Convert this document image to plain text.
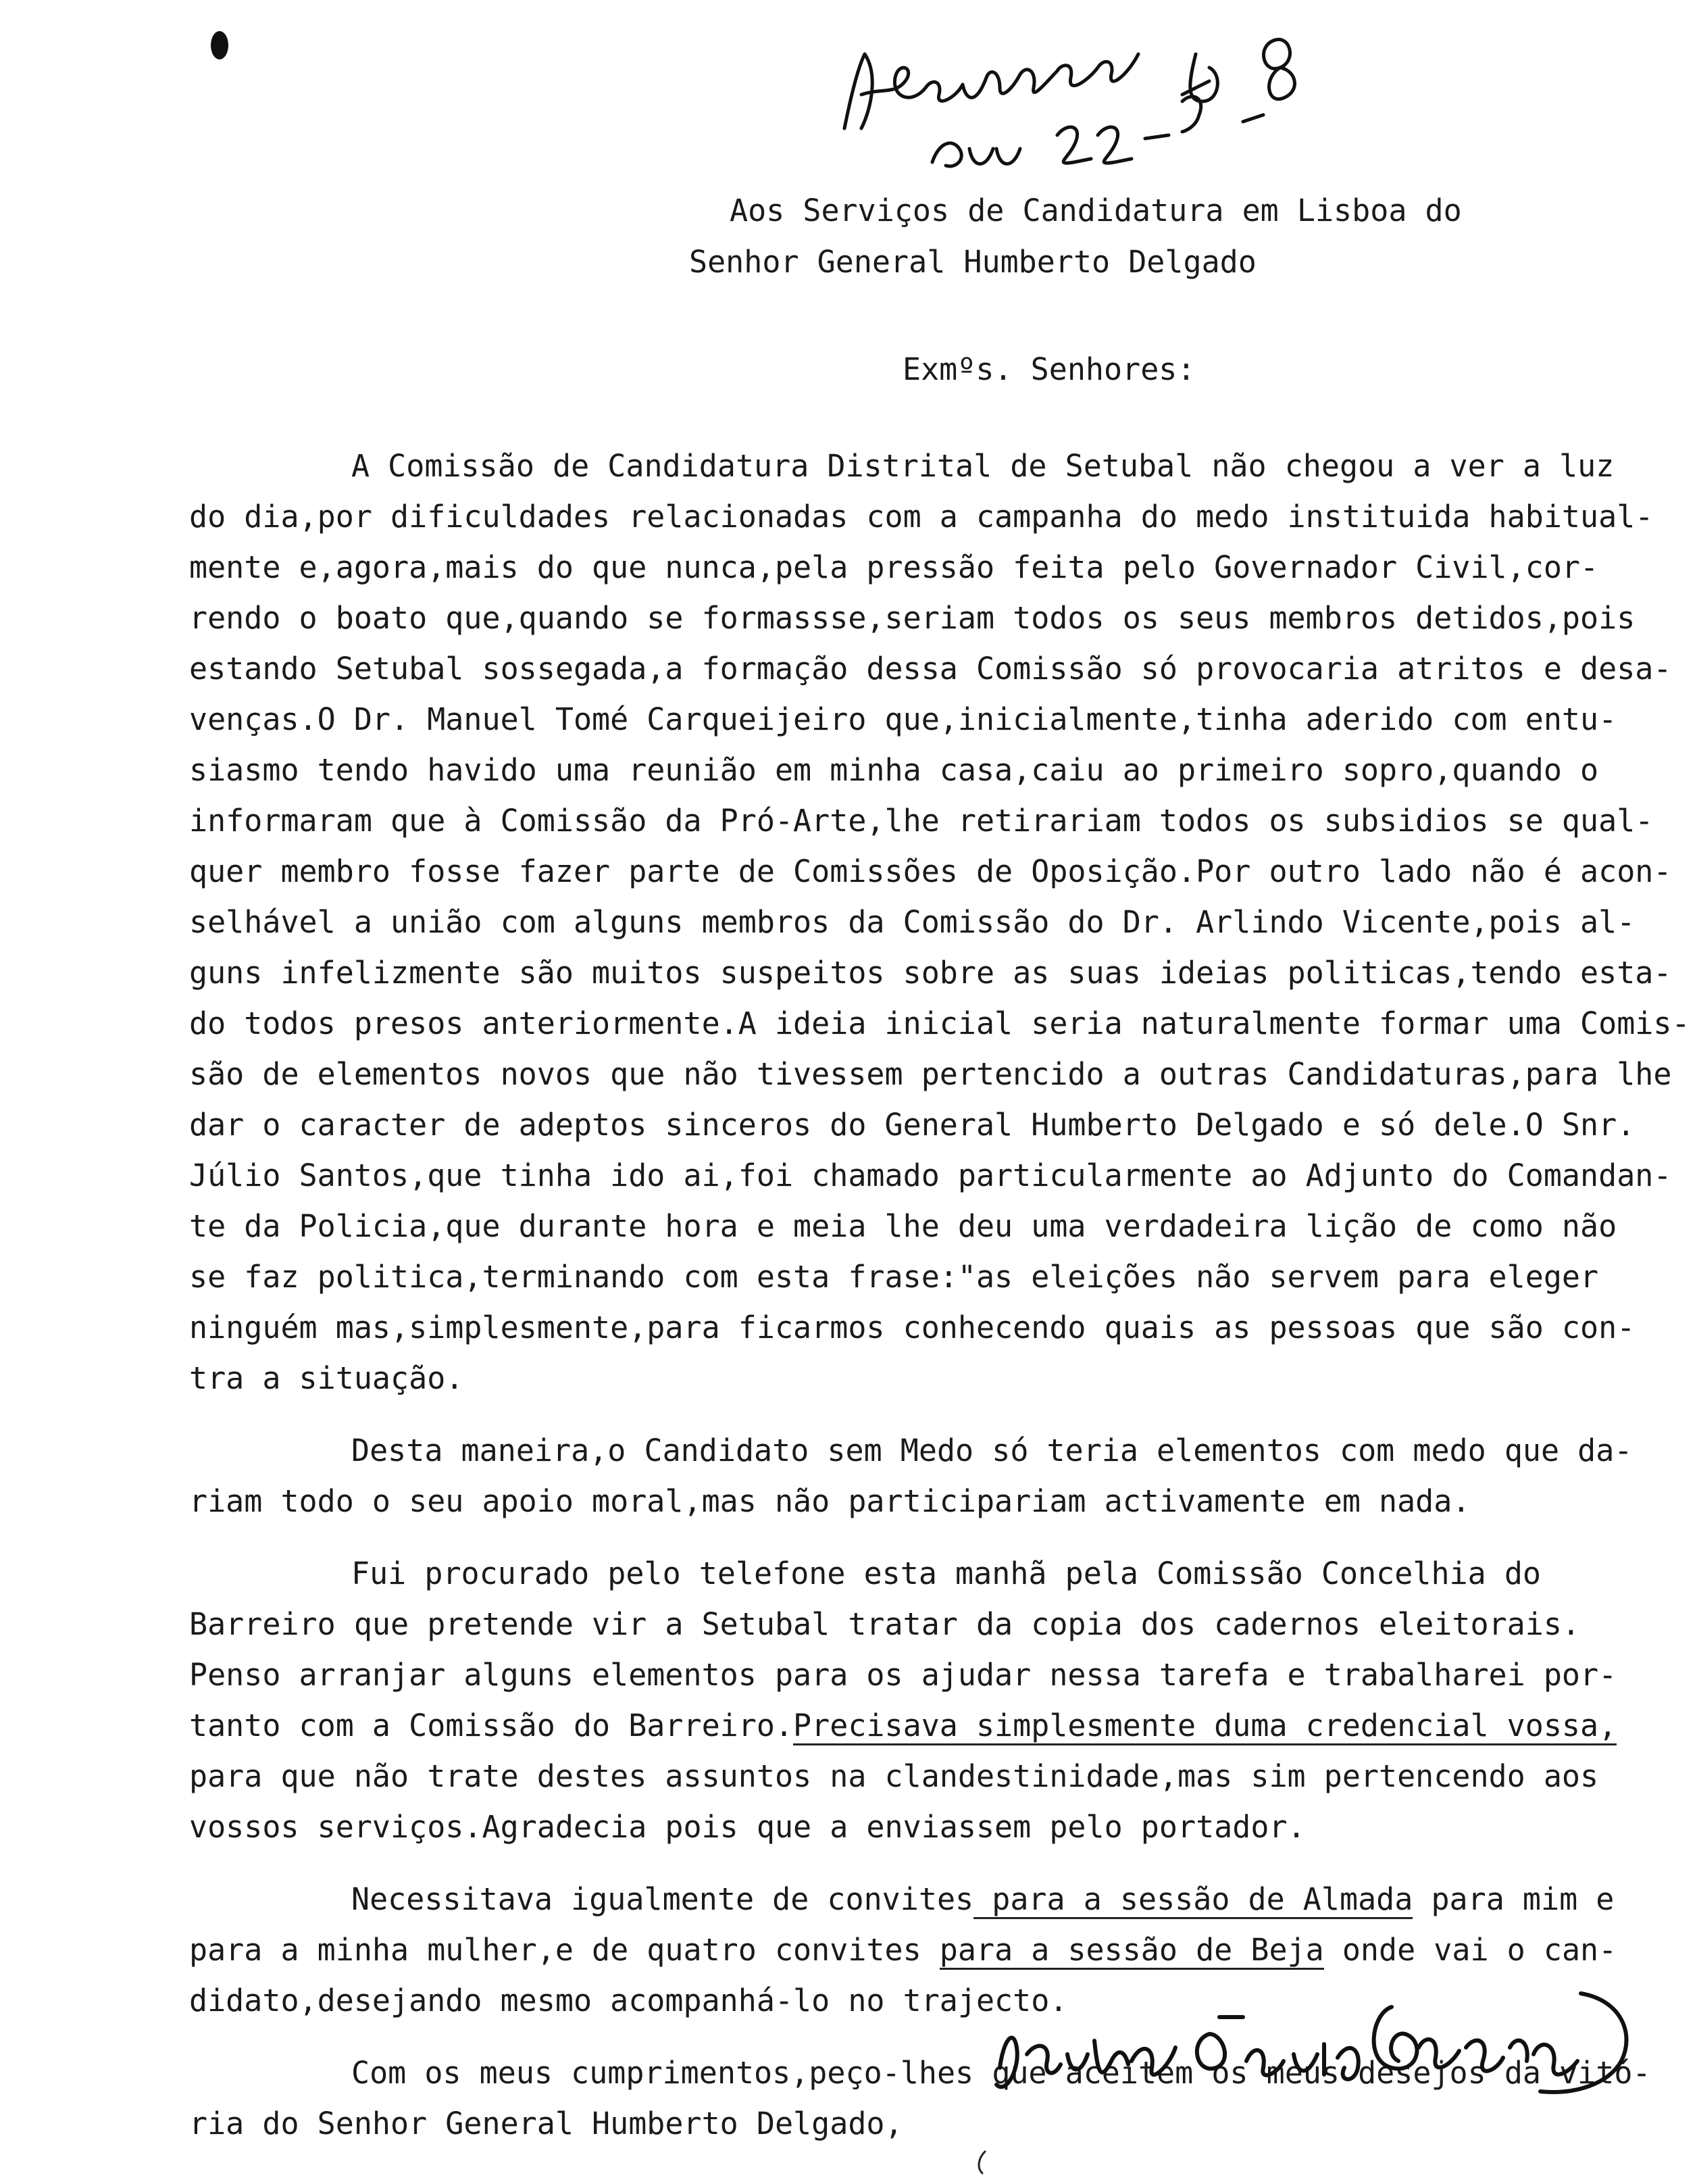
Aos Serviços de Candidatura em Lisboa do
Senhor General Humberto Delgado
Exmºs. Senhores:
A Comissão de Candidatura Distrital de Setubal não chegou a ver a luz
do dia,por dificuldades relacionadas com a campanha do medo instituida habitual-
mente e,agora,mais do que nunca,pela pressão feita pelo Governador Civil,cor-
rendo o boato que,quando se formassse,seriam todos os seus membros detidos,pois
estando Setubal sossegada,a formação dessa Comissão só provocaria atritos e desa-
venças.O Dr. Manuel Tomé Carqueijeiro que,inicialmente,tinha aderido com entu-
siasmo tendo havido uma reunião em minha casa,caiu ao primeiro sopro,quando o
informaram que à Comissão da Pró-Arte,lhe retirariam todos os subsidios se qual-
quer membro fosse fazer parte de Comissões de Oposição.Por outro lado não é acon-
selhável a união com alguns membros da Comissão do Dr. Arlindo Vicente,pois al-
guns infelizmente são muitos suspeitos sobre as suas ideias politicas,tendo esta-
do todos presos anteriormente.A ideia inicial seria naturalmente formar uma Comis-
são de elementos novos que não tivessem pertencido a outras Candidaturas,para lhe
dar o caracter de adeptos sinceros do General Humberto Delgado e só dele.O Snr.
Júlio Santos,que tinha ido ai,foi chamado particularmente ao Adjunto do Comandan-
te da Policia,que durante hora e meia lhe deu uma verdadeira lição de como não
se faz politica,terminando com esta frase:"as eleições não servem para eleger
ninguém mas,simplesmente,para ficarmos conhecendo quais as pessoas que são con-
tra a situação.
Desta maneira,o Candidato sem Medo só teria elementos com medo que da-
riam todo o seu apoio moral,mas não participariam activamente em nada.
Fui procurado pelo telefone esta manhã pela Comissão Concelhia do
Barreiro que pretende vir a Setubal tratar da copia dos cadernos eleitorais.
Penso arranjar alguns elementos para os ajudar nessa tarefa e trabalharei por-
tanto com a Comissão do Barreiro.Precisava simplesmente duma credencial vossa,
para que não trate destes assuntos na clandestinidade,mas sim pertencendo aos
vossos serviços.Agradecia pois que a enviassem pelo portador.
Necessitava igualmente de convites para a sessão de Almada para mim e
para a minha mulher,e de quatro convites para a sessão de Beja onde vai o can-
didato,desejando mesmo acompanhá-lo no trajecto.
Com os meus cumprimentos,peço-lhes que aceitem os meus desejos da vitó-
ria do Senhor General Humberto Delgado,
